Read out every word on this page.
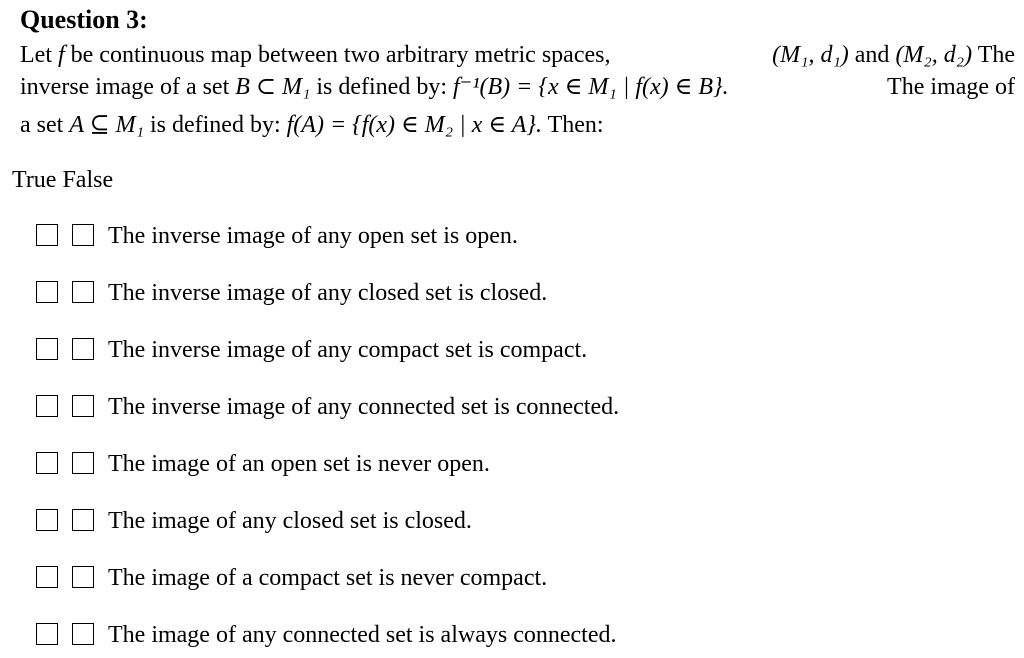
Question 3:
Let f be continuous map between two arbitrary metric spaces,	(M₁, d₁) and (M₂, d₂) The
inverse image of a set B ⊂ M₁ is defined by: f⁻¹(B) = {x ∈ M₁ | f(x) ∈ B}.	The image of
a set A ⊆ M₁ is defined by: f(A) = {f(x) ∈ M₂ | x ∈ A}. Then:
True False
The inverse image of any open set is open.
The inverse image of any closed set is closed.
The inverse image of any compact set is compact.
The inverse image of any connected set is connected.
The image of an open set is never open.
The image of any closed set is closed.
The image of a compact set is never compact.
The image of any connected set is always connected.
